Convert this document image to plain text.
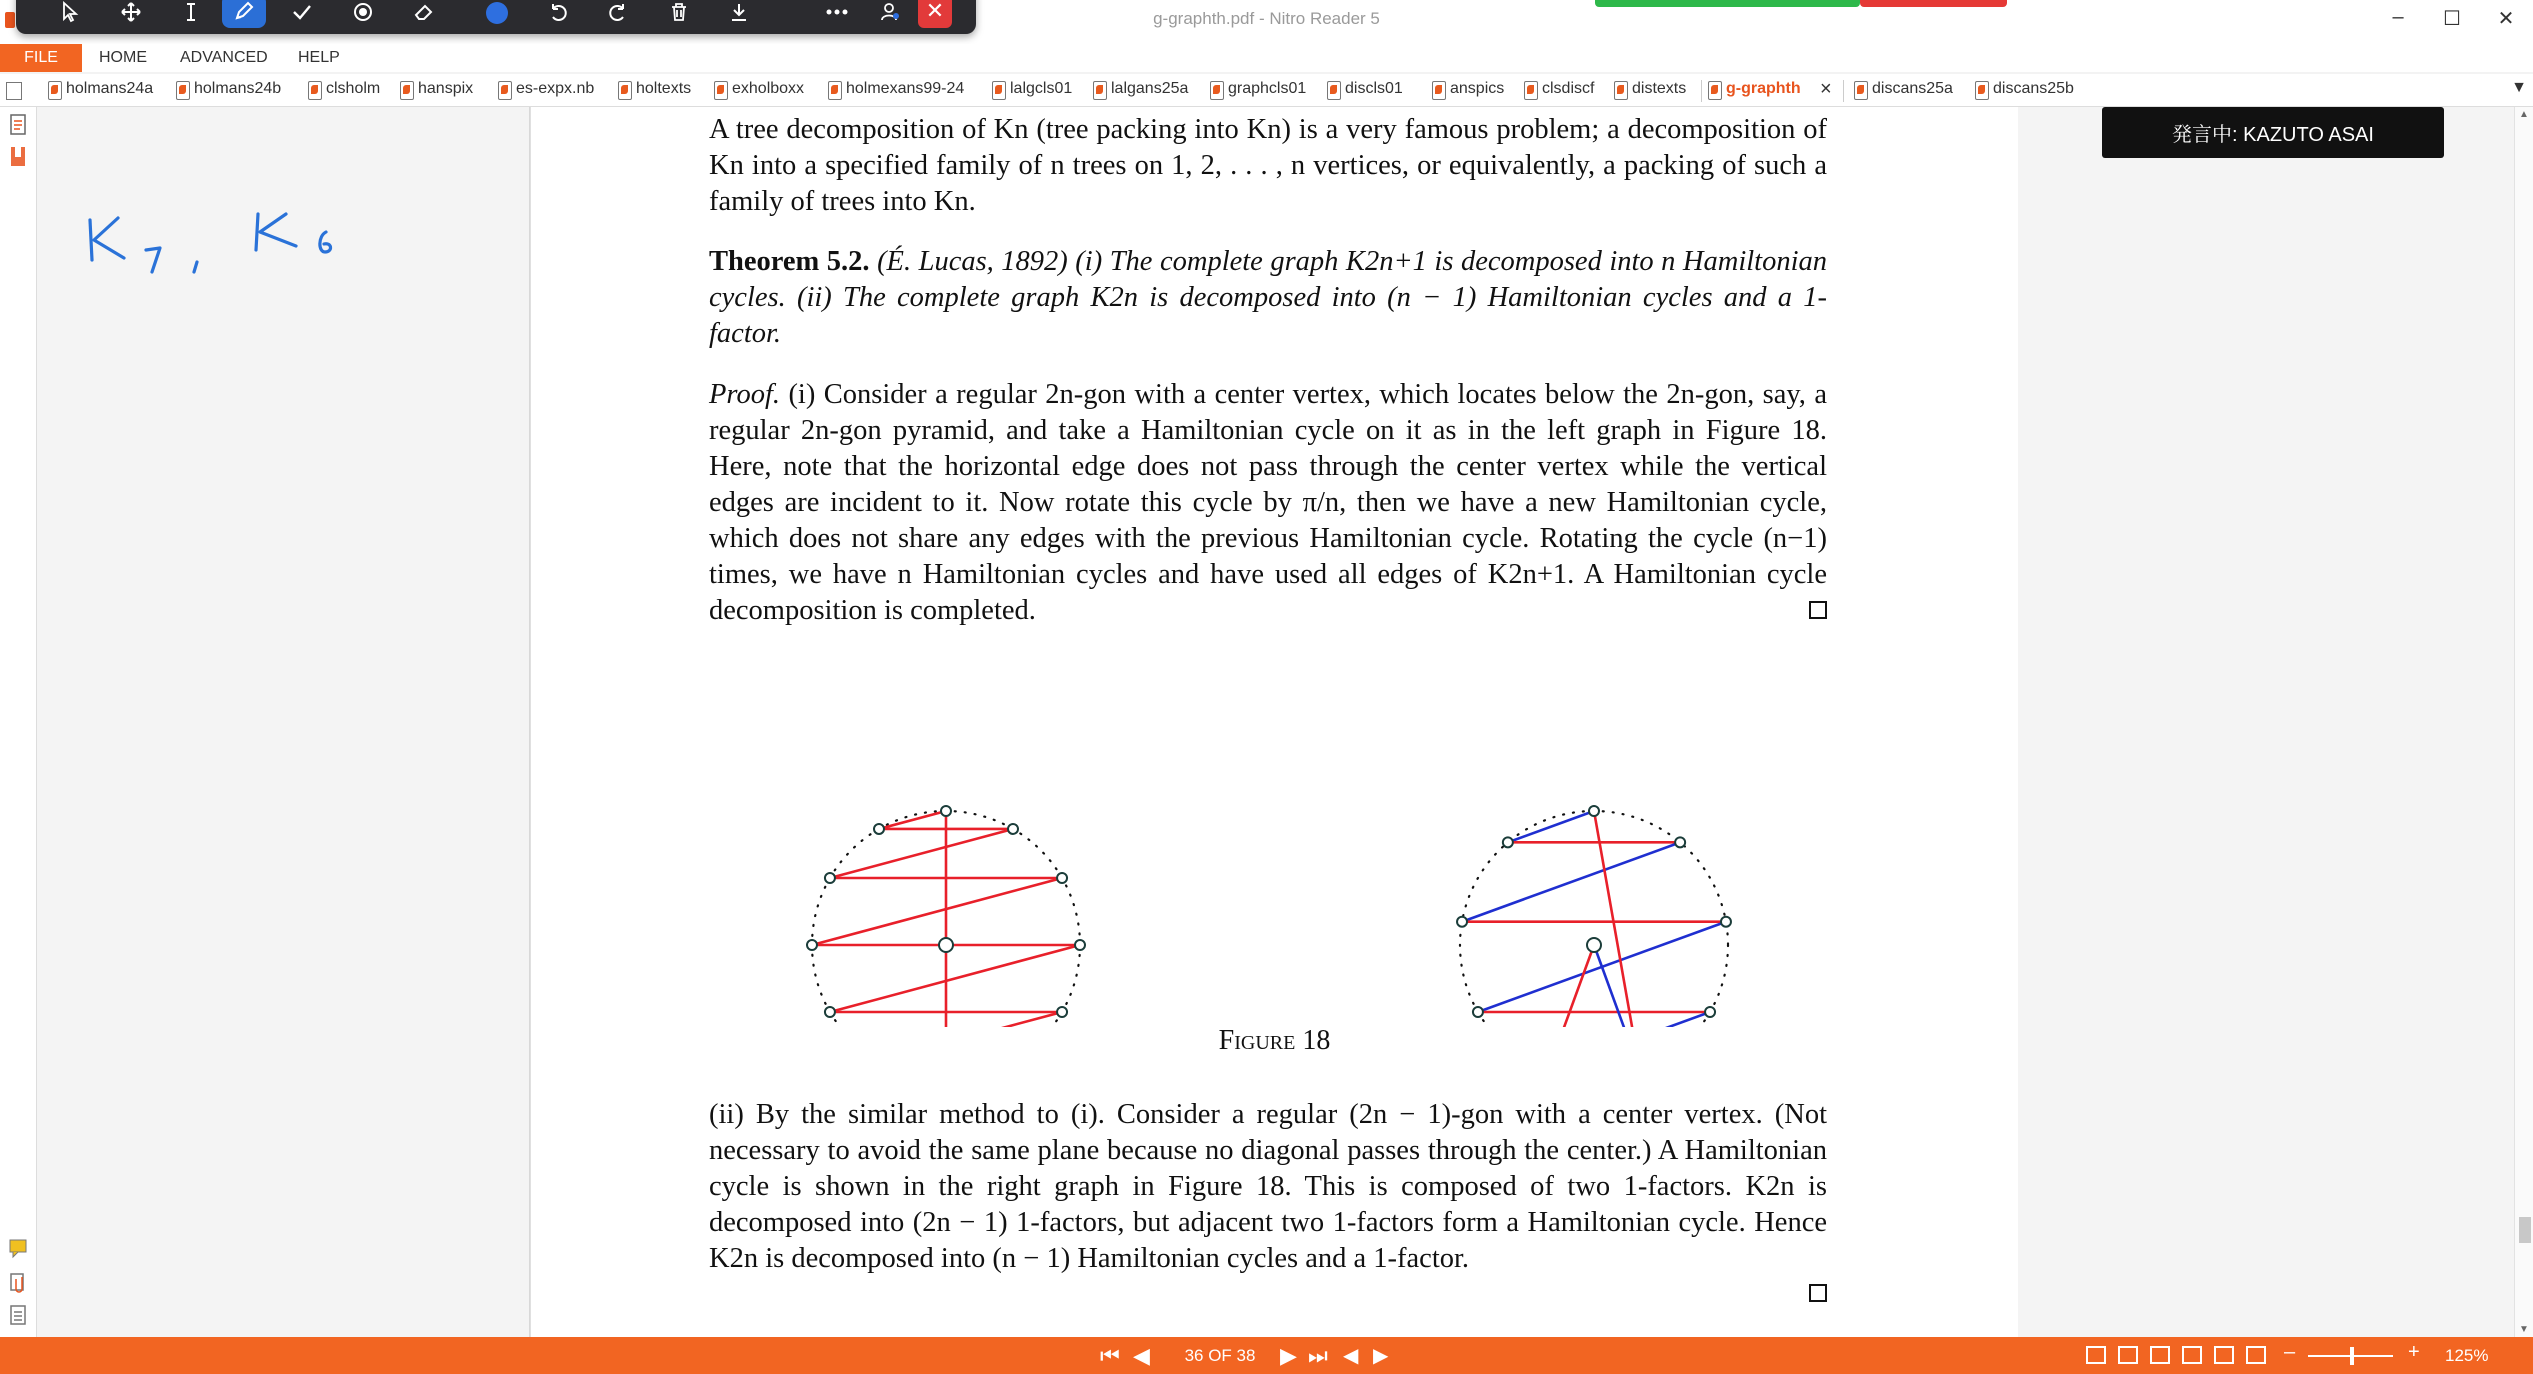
g-graphth.pdf - Nitro Reader 5	–	☐	✕
✕
FILE	HOME ADVANCED HELP
holmans24a	holmans24b	clsholm	hanspix	es-expx.nb	holtexts	exholboxx	holmexans99-24	lalgcls01	lalgans25a	graphcls01	discls01	anspics	clsdiscf	distexts	g-graphth ×	discans25a	discans25b	▼
A tree decomposition of Kn (tree packing into Kn) is a very famous problem; a decomposition of Kn into a specified family of n trees on 1, 2, . . . , n vertices, or equivalently, a packing of such a family of trees into Kn.
Theorem 5.2. (É. Lucas, 1892) (i) The complete graph K2n+1 is decomposed into n Hamiltonian cycles. (ii) The complete graph K2n is decomposed into (n − 1) Hamiltonian cycles and a 1-factor.
Proof. (i) Consider a regular 2n-gon with a center vertex, which locates below the 2n-gon, say, a regular 2n-gon pyramid, and take a Hamiltonian cycle on it as in the left graph in Figure 18. Here, note that the horizontal edge does not pass through the center vertex while the vertical edges are incident to it. Now rotate this cycle by π/n, then we have a new Hamiltonian cycle, which does not share any edges with the previous Hamiltonian cycle. Rotating the cycle (n−1) times, we have n Hamiltonian cycles and have used all edges of K2n+1. A Hamiltonian cycle decomposition is completed.
Figure 18
(ii) By the similar method to (i). Consider a regular (2n − 1)-gon with a center vertex. (Not necessary to avoid the same plane because no diagonal passes through the center.) A Hamiltonian cycle is shown in the right graph in Figure 18. This is composed of two 1-factors. K2n is decomposed into (2n − 1) 1-factors, but adjacent two 1-factors form a Hamiltonian cycle. Hence K2n is decomposed into (n − 1) Hamiltonian cycles and a 1-factor.
発言中: KAZUTO ASAI
▲
▼
⏮ ◀	36 OF 38	▶ ⏭ ◀ ▶	–	+ 125%
